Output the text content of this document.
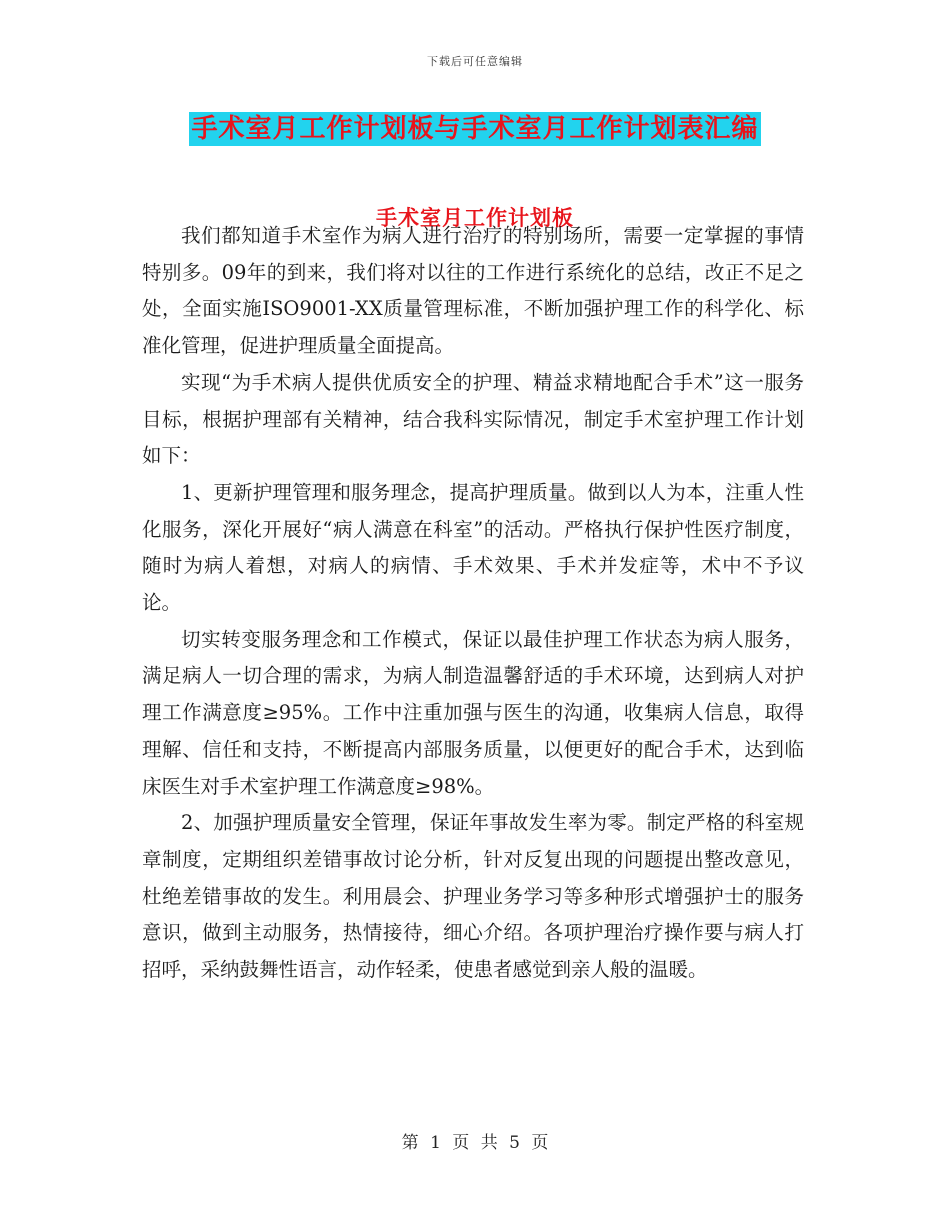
下载后可任意编辑
手术室月工作计划板与手术室月工作计划表汇编
手术室月工作计划板

我们都知道手术室作为病人进行治疗的特别场所，需要一定掌握的事情特别多。09年的到来，我们将对以往的工作进行系统化的总结，改正不足之处，全面实施ISO9001-XX质量管理标准，不断加强护理工作的科学化、标准化管理，促进护理质量全面提高。

实现“为手术病人提供优质安全的护理、精益求精地配合手术”这一服务目标，根据护理部有关精神，结合我科实际情况，制定手术室护理工作计划如下：

1、更新护理管理和服务理念，提高护理质量。做到以人为本，注重人性化服务，深化开展好“病人满意在科室”的活动。严格执行保护性医疗制度，随时为病人着想，对病人的病情、手术效果、手术并发症等，术中不予议论。

切实转变服务理念和工作模式，保证以最佳护理工作状态为病人服务，满足病人一切合理的需求，为病人制造温馨舒适的手术环境，达到病人对护理工作满意度≥95%。工作中注重加强与医生的沟通，收集病人信息，取得理解、信任和支持，不断提高内部服务质量，以便更好的配合手术，达到临床医生对手术室护理工作满意度≥98%。

2、加强护理质量安全管理，保证年事故发生率为零。制定严格的科室规章制度，定期组织差错事故讨论分析，针对反复出现的问题提出整改意见，杜绝差错事故的发生。利用晨会、护理业务学习等多种形式增强护士的服务意识，做到主动服务，热情接待，细心介绍。各项护理治疗操作要与病人打招呼，采纳鼓舞性语言，动作轻柔，使患者感觉到亲人般的温暖。

第 1 页 共 5 页
